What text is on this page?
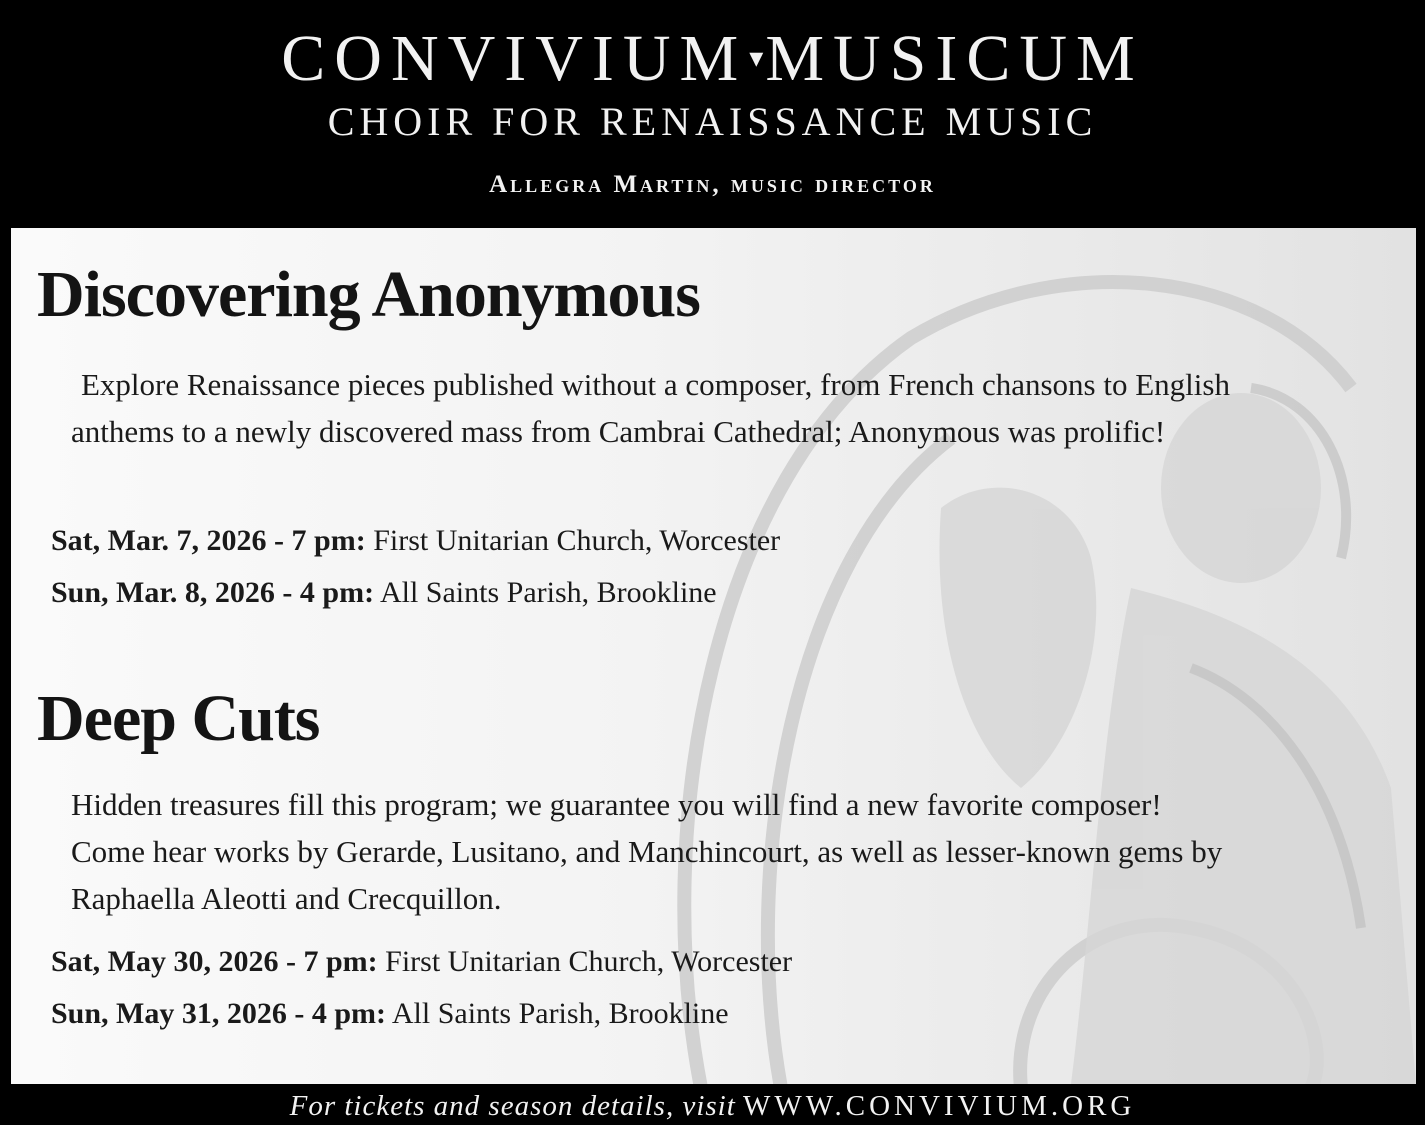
CONVIVIUM▾MUSICUM
CHOIR FOR RENAISSANCE MUSIC
Allegra Martin, music director
Discovering Anonymous

Explore Renaissance pieces published without a composer, from French chansons to English anthems to a newly discovered mass from Cambrai Cathedral; Anonymous was prolific!

Sat, Mar. 7, 2026 - 7 pm: First Unitarian Church, Worcester

Sun, Mar. 8, 2026 - 4 pm: All Saints Parish, Brookline

Deep Cuts

Hidden treasures fill this program; we guarantee you will find a new favorite composer! Come hear works by Gerarde, Lusitano, and Manchincourt, as well as lesser-known gems by Raphaella Aleotti and Crecquillon.

Sat, May 30, 2026 - 7 pm: First Unitarian Church, Worcester

Sun, May 31, 2026 - 4 pm: All Saints Parish, Brookline

For tickets and season details, visit WWW.CONVIVIUM.ORG
